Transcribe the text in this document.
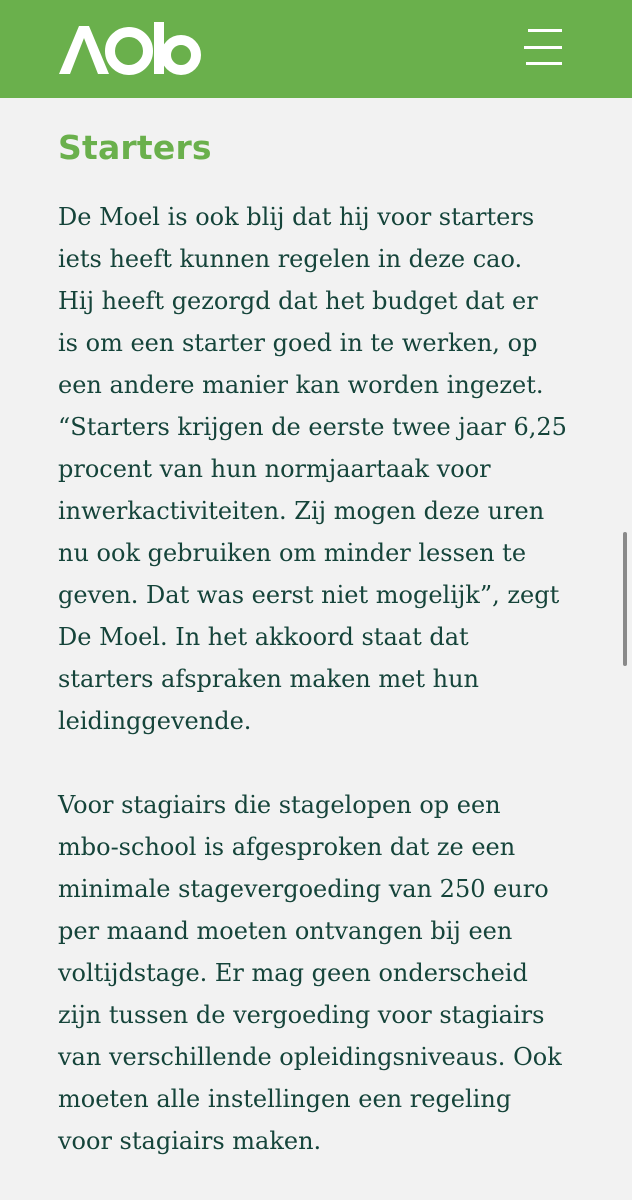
Starters

De Moel is ook blij dat hij voor starters
iets heeft kunnen regelen in deze cao.
Hij heeft gezorgd dat het budget dat er
is om een starter goed in te werken, op
een andere manier kan worden ingezet.
“Starters krijgen de eerste twee jaar 6,25
procent van hun normjaartaak voor
inwerkactiviteiten. Zij mogen deze uren
nu ook gebruiken om minder lessen te
geven. Dat was eerst niet mogelijk”, zegt
De Moel. In het akkoord staat dat
starters afspraken maken met hun
leidinggevende.

Voor stagiairs die stagelopen op een
mbo-school is afgesproken dat ze een
minimale stagevergoeding van 250 euro
per maand moeten ontvangen bij een
voltijdstage. Er mag geen onderscheid
zijn tussen de vergoeding voor stagiairs
van verschillende opleidingsniveaus. Ook
moeten alle instellingen een regeling
voor stagiairs maken.
